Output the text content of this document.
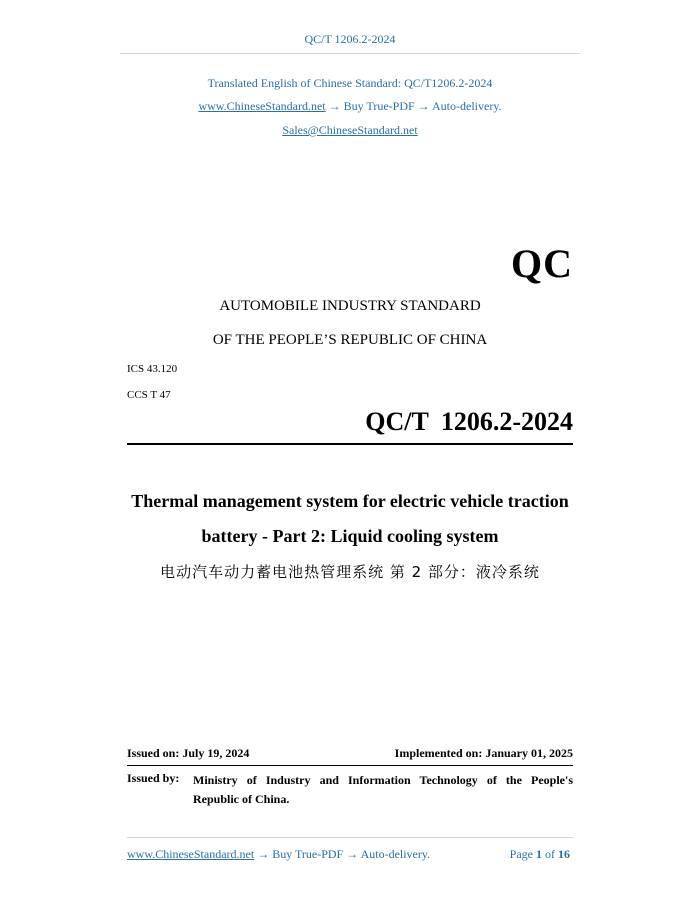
QC/T 1206.2-2024
Translated English of Chinese Standard: QC/T1206.2-2024
www.ChineseStandard.net → Buy True-PDF → Auto-delivery.
Sales@ChineseStandard.net
QC
AUTOMOBILE INDUSTRY STANDARD
OF THE PEOPLE’S REPUBLIC OF CHINA
ICS 43.120
CCS T 47
QC/T 1206.2-2024
Thermal management system for electric vehicle traction
battery - Part 2: Liquid cooling system
电动汽车动力蓄电池热管理系统 第 2 部分：液冷系统
Issued on: July 19, 2024	Implemented on: January 01, 2025
Issued by: Ministry of Industry and Information Technology of the People's Republic of China.
www.ChineseStandard.net → Buy True-PDF → Auto-delivery.	Page 1 of 16
